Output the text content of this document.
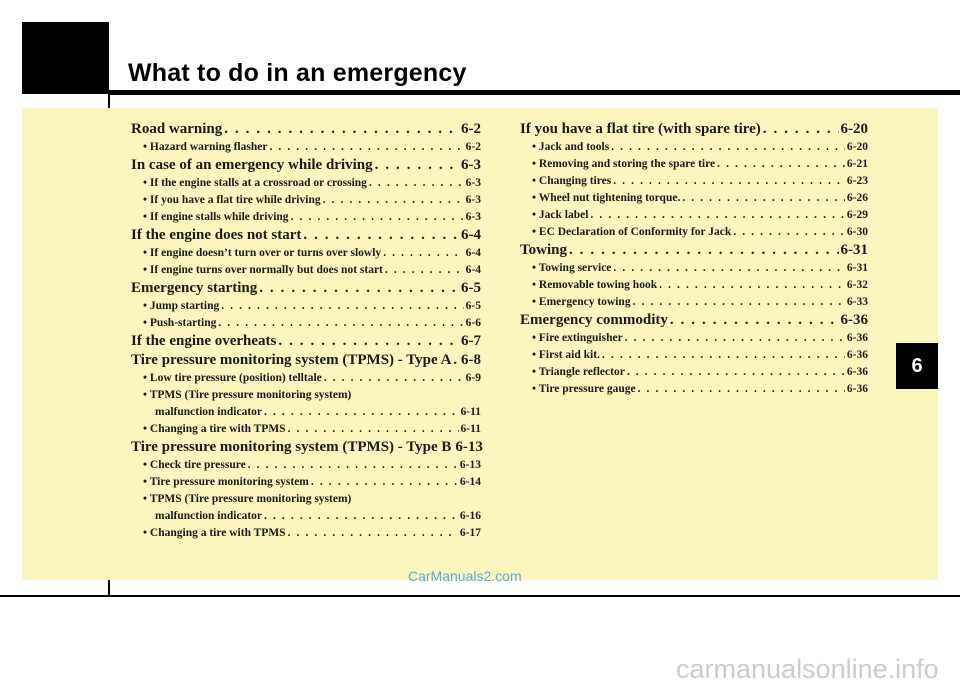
What to do in an emergency
Road warning . . .	6-2
• Hazard warning flasher . . .	6-2
In case of an emergency while driving . . .	6-3
• If the engine stalls at a crossroad or crossing . . .	6-3
• If you have a flat tire while driving . . .	6-3
• If engine stalls while driving . . .	6-3
If the engine does not start . . .	6-4
• If engine doesn’t turn over or turns over slowly . . .	6-4
• If engine turns over normally but does not start . . .	6-4
Emergency starting . . .	6-5
• Jump starting . . .	6-5
• Push-starting . . .	6-6
If the engine overheats . . .	6-7
Tire pressure monitoring system (TPMS) - Type A . . . 6-8
• Low tire pressure (position) telltale . . .	6-9
• TPMS (Tire pressure monitoring system)
malfunction indicator . . .	6-11
• Changing a tire with TPMS . . .	6-11
Tire pressure monitoring system (TPMS) - Type B 6-13
• Check tire pressure . . .	6-13
• Tire pressure monitoring system . . .	6-14
• TPMS (Tire pressure monitoring system)
malfunction indicator . . .	6-16
• Changing a tire with TPMS . . .	6-17
If you have a flat tire (with spare tire) . . .	6-20
• Jack and tools . . .	6-20
• Removing and storing the spare tire . . .	6-21
• Changing tires . . .	6-23
• Wheel nut tightening torque. . . .	6-26
• Jack label . . .	6-29
• EC Declaration of Conformity for Jack . . .	6-30
Towing . . .	6-31
• Towing service . . .	6-31
• Removable towing hook . . .	6-32
• Emergency towing . . .	6-33
Emergency commodity . . .	6-36
• Fire extinguisher . . .	6-36
• First aid kit. . . .	6-36
• Triangle reflector . . .	6-36
• Tire pressure gauge . . .	6-36
6
CarManuals2.com
carmanualsonline.info
